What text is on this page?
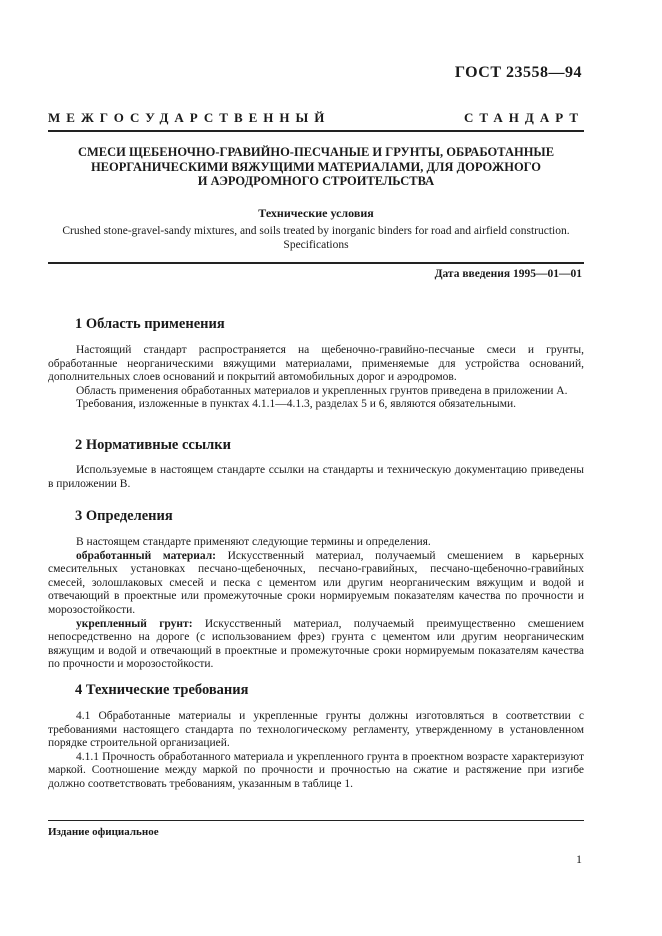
ГОСТ 23558—94
МЕЖГОСУДАРСТВЕННЫЙ СТАНДАРТ
СМЕСИ ЩЕБЕНОЧНО-ГРАВИЙНО-ПЕСЧАНЫЕ И ГРУНТЫ, ОБРАБОТАННЫЕ
НЕОРГАНИЧЕСКИМИ ВЯЖУЩИМИ МАТЕРИАЛАМИ, ДЛЯ ДОРОЖНОГО
И АЭРОДРОМНОГО СТРОИТЕЛЬСТВА
Технические условия
Crushed stone-gravel-sandy mixtures, and soils treated by inorganic binders for road and airfield construction.
Specifications
Дата введения 1995—01—01
1 Область применения

Настоящий стандарт распространяется на щебеночно-гравийно-песчаные смеси и грунты, обработанные неорганическими вяжущими материалами, применяемые для устройства оснований, дополнительных слоев оснований и покрытий автомобильных дорог и аэродромов.

Область применения обработанных материалов и укрепленных грунтов приведена в приложении А.

Требования, изложенные в пунктах 4.1.1—4.1.3, разделах 5 и 6, являются обязательными.

2 Нормативные ссылки

Используемые в настоящем стандарте ссылки на стандарты и техническую документацию приведены в приложении В.

3 Определения

В настоящем стандарте применяют следующие термины и определения.

обработанный материал: Искусственный материал, получаемый смешением в карьерных смесительных установках песчано-щебеночных, песчано-гравийных, песчано-щебеночно-гравийных смесей, золошлаковых смесей и песка с цементом или другим неорганическим вяжущим и водой и отвечающий в проектные или промежуточные сроки нормируемым показателям качества по прочности и морозостойкости.

укрепленный грунт: Искусственный материал, получаемый преимущественно смешением непосредственно на дороге (с использованием фрез) грунта с цементом или другим неорганическим вяжущим и водой и отвечающий в проектные и промежуточные сроки нормируемым показателям качества по прочности и морозостойкости.

4 Технические требования

4.1 Обработанные материалы и укрепленные грунты должны изготовляться в соответствии с требованиями настоящего стандарта по технологическому регламенту, утвержденному в установленном порядке строительной организацией.

4.1.1 Прочность обработанного материала и укрепленного грунта в проектном возрасте характеризуют маркой. Соотношение между маркой по прочности и прочностью на сжатие и растяжение при изгибе должно соответствовать требованиям, указанным в таблице 1.

Издание официальное
1
